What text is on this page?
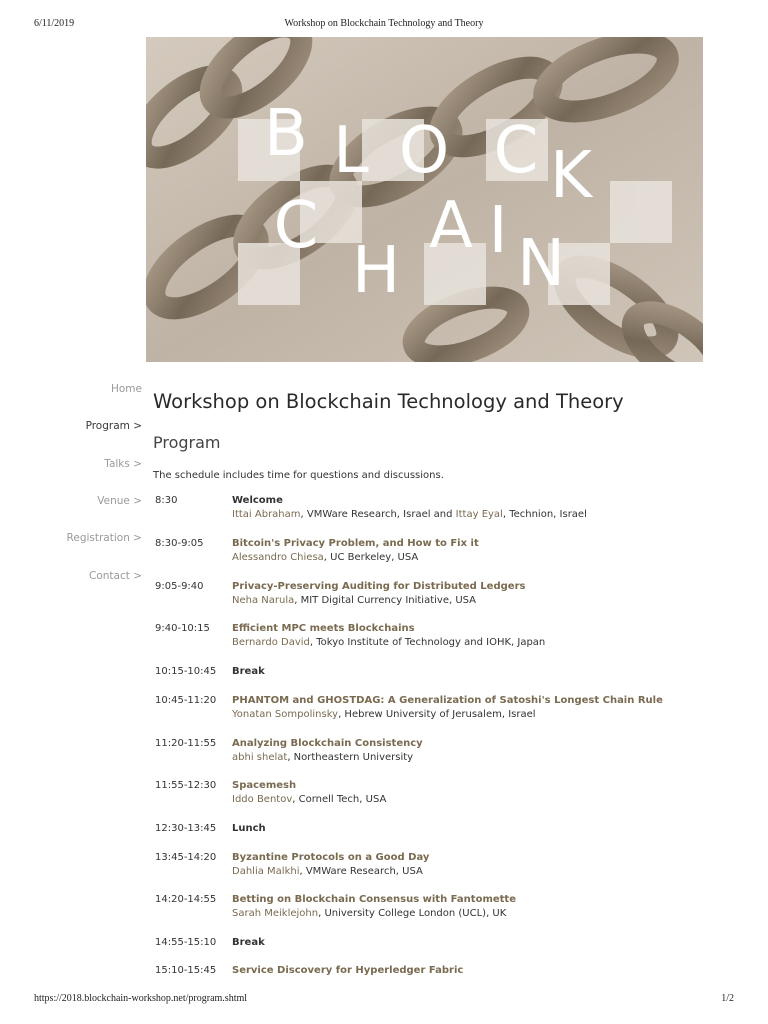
6/11/2019	Workshop on Blockchain Technology and Theory
B L O C K
C
H
A I N
Home
Program >
Talks >
Venue >
Registration >
Contact >
Workshop on Blockchain Technology and Theory
Program
The schedule includes time for questions and discussions.
8:30	Welcome
Ittai Abraham, VMWare Research, Israel and Ittay Eyal, Technion, Israel
8:30-9:05	Bitcoin's Privacy Problem, and How to Fix it
Alessandro Chiesa, UC Berkeley, USA
9:05-9:40	Privacy-Preserving Auditing for Distributed Ledgers
Neha Narula, MIT Digital Currency Initiative, USA
9:40-10:15 Efficient MPC meets Blockchains
Bernardo David, Tokyo Institute of Technology and IOHK, Japan
10:15-10:45 Break
10:45-11:20 PHANTOM and GHOSTDAG: A Generalization of Satoshi's Longest Chain Rule
Yonatan Sompolinsky, Hebrew University of Jerusalem, Israel
11:20-11:55 Analyzing Blockchain Consistency
abhi shelat, Northeastern University
11:55-12:30 Spacemesh
Iddo Bentov, Cornell Tech, USA
12:30-13:45 Lunch
13:45-14:20 Byzantine Protocols on a Good Day
Dahlia Malkhi, VMWare Research, USA
14:20-14:55 Betting on Blockchain Consensus with Fantomette
Sarah Meiklejohn, University College London (UCL), UK
14:55-15:10 Break
15:10-15:45 Service Discovery for Hyperledger Fabric
https://2018.blockchain-workshop.net/program.shtml	1/2
